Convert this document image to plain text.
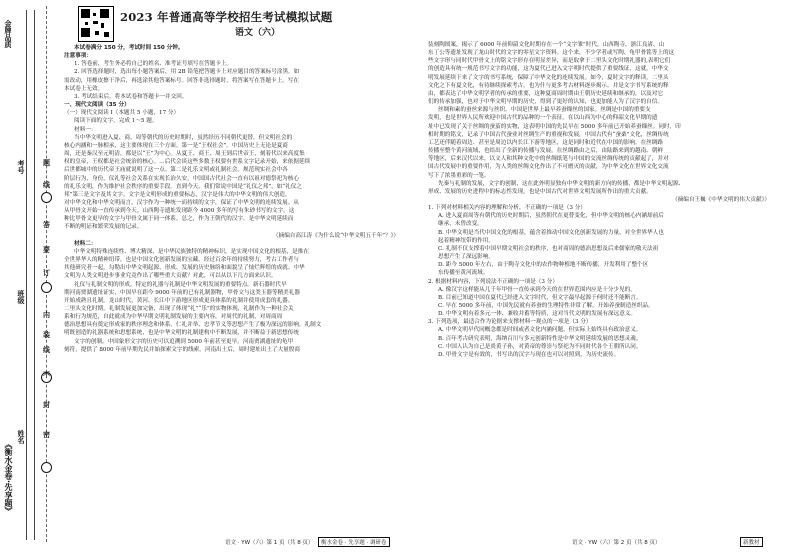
《衡水金卷·先享题》
姓名
班级
考号
金牌品质
题
答
要
内
线
封
密
装
订
线
不
2023 年普通高等学校招生考试模拟试题
语文（六）

本试卷满分 150 分，考试时间 150 分钟。

注意事项：

1. 答卷前，考生务必将自己的姓名、准考证号填写在答题卡上。

2. 回答选择题时，选出每小题答案后，用 2B 铅笔把答题卡上对应题目的答案标号涂黑。如

需改动，用橡皮擦干净后，再选涂其他答案标号。回答非选择题时，将答案写在答题卡上。写在

本试卷上无效。

3. 考试结束后，将本试卷和答题卡一并交回。

一、现代文阅读（35 分）

（一）现代文阅读 I（本题共 5 小题，17 分）

阅读下面的文字，完成 1～5 题。

材料一：

当中华文明进入夏、商、周等朝代的历史时期时，虽然经历不同朝代更替，但文明社会的

核心内涵和一脉相承，这主要体现在三个方面。第一是“王权社会”。中国历史上无论是夏商

周，还是秦汉至元明清，都是以“王”为中心。从夏王、商王、周王到后世帝王，刻着代以来高度集

权的皇帝，王权都是社会统治的核心。…后代会谈这些多数王权要有世系文字记录开始，来依据延续

后世都城中的历代帝王庙就说明了这一点。第二是礼乐文明或礼制社会。规范现实社会中各

阶层行为，身份，仪礼等社会关系在实现长治久安，中国国古代社会一直有以祖对德祭祀为核心

的礼乐文明，作为维护社会秩序的重要手段。直到今天，我们常说中国是“礼仪之邦”，如“礼仪之

邦”第三是文字及其文字。文字是文明形成的重要标志，汉字是伟大的中华文明的伟大创造。

对中华文化和中华文明而言，汉字作为一种统一而持续的文字，保证了中华文明的连续发展。从

从甲骨文开始一直传承到今天。山西陶寺遗址发现距今 4000 多年的写有朱砂书写的文字，这

种比甲骨文更早的文字与甲骨文属于同一体系。总之，作为王朝代的汉字，是中华文明延续而

不断的明证和繁荣发展的记录。

（摘编自高江涛《为什么说“中华文明五千年”？》）

材料二：

中华文明特殊连续性、博大精深，是中华民族独特的精神标识，是实现中国文化的根基，是推在

全世界华人的精神纽带，也是中国文化创新发展的宝藏。经过百余年的持续努力，考古工作者与

其他研究者一起，勾勒出中华文明起源、形成、发展的历史脉络和面貌呈了灿烂辉煌的成就。中华

文明为人类文明进步事业究竟作出了哪些重大贡献？对此，可以从以下几方面来认识。

礼仪与礼制文明的形成。特定的礼器与礼制是中华文明发展的重要特点。新石器时代早

期河南贾湖遗址证实，中国早在距今 9000 年前的已有礼制器物，甲骨文与这类玉器等精美礼器

开始成熟且礼制。龙山时代，黄河、长江中下游地区形成更具体系的礼制并使用成套的礼器。

二里头文化时期，礼制发展更加完备，出现了体现“礼”“乐”的实物体现，礼制作为一种社会关

系和行为规范，自此就成为中华早期文明礼制发展的主要内容，对周代的礼制，对周商周

德治思想具有奠定形成家的秩序理念和体系，仁礼并举、忠孝节义等思想产生了极为深远的影响。礼制文

明既创造的礼器系统和思想系统，也是中华文明的礼制建构中不断发展，并不断益于新思想传统

文字的创制。中国象形文字的历史可以追溯到 5000 年前甚至更早。河南贾湖遗址的龟甲

刻符，提供了 8000 年前早期先民并始探索文字的线索。河南出土后，周时建址出土了大量殷商

装刻陶图案，揭示了 6000 年前仰韶文化时期存在一个“文字雏”时代。山西陶寺、浙江良渚、山

东丁公等遗址发现了龙山时代的文字的零星文字资料。这个来，不少学者或写陶、龟甲骨铭等上的这

些文字形与同时代甲骨文上的铭文字形存在明显差异，而是取拿于二里头文化时期礼器的,表明它们

的创造具有统一规范书写文字的功能，这为夏代已进入文字明时代提供了重要线证，这就，中华文

明发展延续下来了文字的书写系统，保障了中华文化的连续发展。如今，夏时文字的释读，二里头

文化之下有夏文化，有待继续探索考古，也为什与更多考古材料逐步揭示。并是文字书写系统的释

由，都表达了中华文明学者的传承的重要，这种夏商周时期由王朝历史延续和继承的，以及对它

们的传承加强，也对于中华文明早期的历史，得到了更好的认知，也更加能人为了汉字的自信。

丝绸和素的蚕丝来源与丝织。中国是世界上最早养蚕缫丝的国家。丝绸是中国的重要支

发明，也是世界人民所欢迎中国古代的品种的一个表征。在以山西为中心的仰韶文化早期的遗

址中已发现了关于丝绸的蚕茧的实物，这表明中国的先民早在 5000 多年前已开始养蚕缫丝。同时，印

相时期的铭文，记录了中国古代蚕业对丝绸生产的重视和发展，中国古代有“蚕桑”文化，丝绸传统

工艺还伴随着周边、甚至是周边以内长江下游等地区，这是同时和近代在中国的影响。在丝绸路

传播至整个黄河流域，也给出了全新的传播与发展。在丝绸路由之后，由陆路来到的越南、朝鲜

等地区，后来汉代以来，以文人和其种文化中的丝绸纸笔与中国的交流丝绸传统的贡献起了，并对

国古代发展中的重要作用，为人类的丝绸文化作出了不可磨灭的贡献，为中华文化在世界文化交流

写下了浓墨重彩的一笔。

先秦与礼制的发展，文字的创制，这在此外明显独有中华文明的新方向的传播，都是中华文明起源、

形成、发展的历史进程中的标志性发现，也是中国古代对世界文明发展所作出的重大贡献。

（摘编自王巍《中华文明的伟大贡献》）

1. 下列对材料相关内容的理解和分析，不正确的一项是（3 分）

A. 进入夏商周等有朝代的历史时期后，虽然朝代在更替变化，但中华文明的核心内涵却前后

继承，未曾改变。

B. 中华文明是当代中国文化的根基，蕴含着推动中国文化创新发展的力量，对全世界华人也

起着精神纽带的作用。

C. 礼制不仅支撑着中国早期文明社会的秩序，也对商周的德治思想及后来儒家的敬天法祖

思想产生了深远影响。

D. 距今 5000 年左右，由于陶寺文化中的农作物种植地不断传播，开发利用了整个区

东传播至黄河流域。

2. 根据材料内容，下列说法不正确的一项是（3 分）

A. 像汉字这样能从几千年甲骨一直传承到今天的在世界范围内应是十分少见的。

B. 目前已知道中国在夏代已经进入文字时代，但文字最早起源于何时还不能断言。

C. 早在 5000 多年前，中国先民就有养蚕的生理特性非常了解，开始养蚕制造丝织品。

D. 中华文明有着多元一体、兼收并蓄等特质，这对当代文明的发展有深远意义。

3. 下列选项，最适合作为论据来支撑材料一观点的一项是（3 分）

A. 中华文明早代同概念都是时间或者文化内涵问题，但实际上始终具有政治意义。

B. 百年考古研究表明，海纳百川与多元创新特性是中华文明延续发展的思想灵魂。

C. 中国人认为自己是炎黄子孙，对黄帝的尊崇与祭祀为不同时代各个王朝所认同。

D. 甲骨文字是有效的，书写出的汉字与现在也可以对照到，为历史流传。

语文 · YW（六）第 1 页（共 8 页）	衡水金卷 · 先享题 · 调研卷	语文 · YW（六）第 2 页（共 8 页）	新教材
